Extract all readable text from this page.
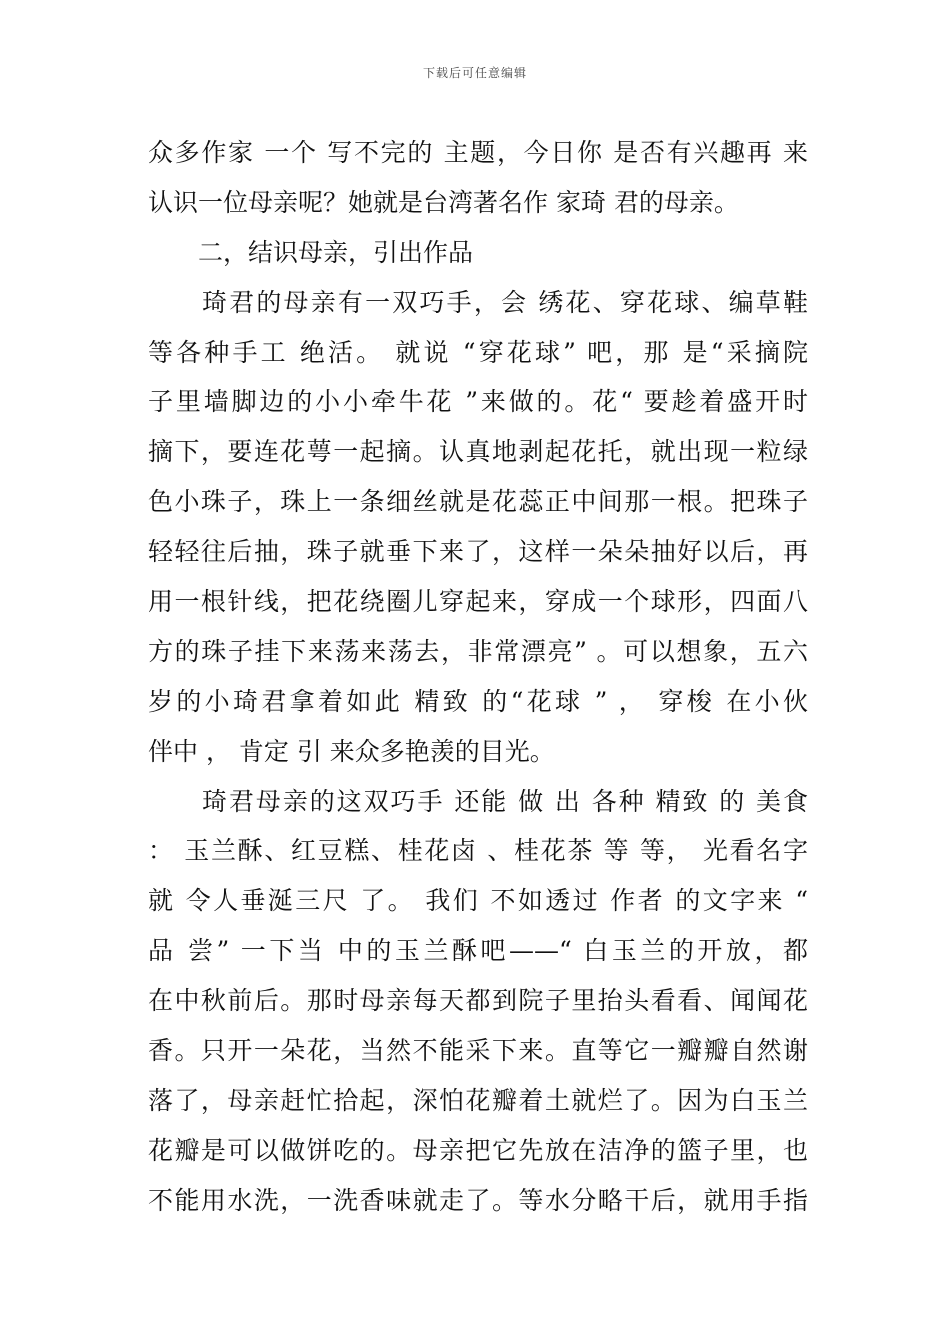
下载后可任意编辑
众多作家 一个 写不完的 主题，今日你 是否有兴趣再 来
认识一位母亲呢？她就是台湾著名作 家琦 君的母亲。
二，结识母亲，引出作品
琦君的母亲有一双巧手，会 绣花、穿花球、编草鞋
等各种手工 绝活。 就说 “穿花球” 吧，那 是“采摘院
子里墙脚边的小小牵牛花 ”来做的。花“ 要趁着盛开时
摘下，要连花萼一起摘。认真地剥起花托，就出现一粒绿
色小珠子，珠上一条细丝就是花蕊正中间那一根。把珠子
轻轻往后抽，珠子就垂下来了，这样一朵朵抽好以后，再
用一根针线，把花绕圈儿穿起来，穿成一个球形，四面八
方的珠子挂下来荡来荡去，非常漂亮” 。可以想象，五六
岁的小琦君拿着如此 精致 的“花球 ” ， 穿梭 在小伙
伴中 ， 肯定 引 来众多艳羡的目光。
琦君母亲的这双巧手 还能 做 出 各种 精致 的 美食
： 玉兰酥、红豆糕、桂花卤 、桂花茶 等 等， 光看名字
就 令人垂涎三尺 了。 我们 不如透过 作者 的文字来 “
品 尝” 一下当 中的玉兰酥吧——“ 白玉兰的开放，都
在中秋前后。那时母亲每天都到院子里抬头看看、闻闻花
香。只开一朵花，当然不能采下来。直等它一瓣瓣自然谢
落了，母亲赶忙拾起，深怕花瓣着土就烂了。因为白玉兰
花瓣是可以做饼吃的。母亲把它先放在洁净的篮子里，也
不能用水洗，一洗香味就走了。等水分略干后，就用手指
